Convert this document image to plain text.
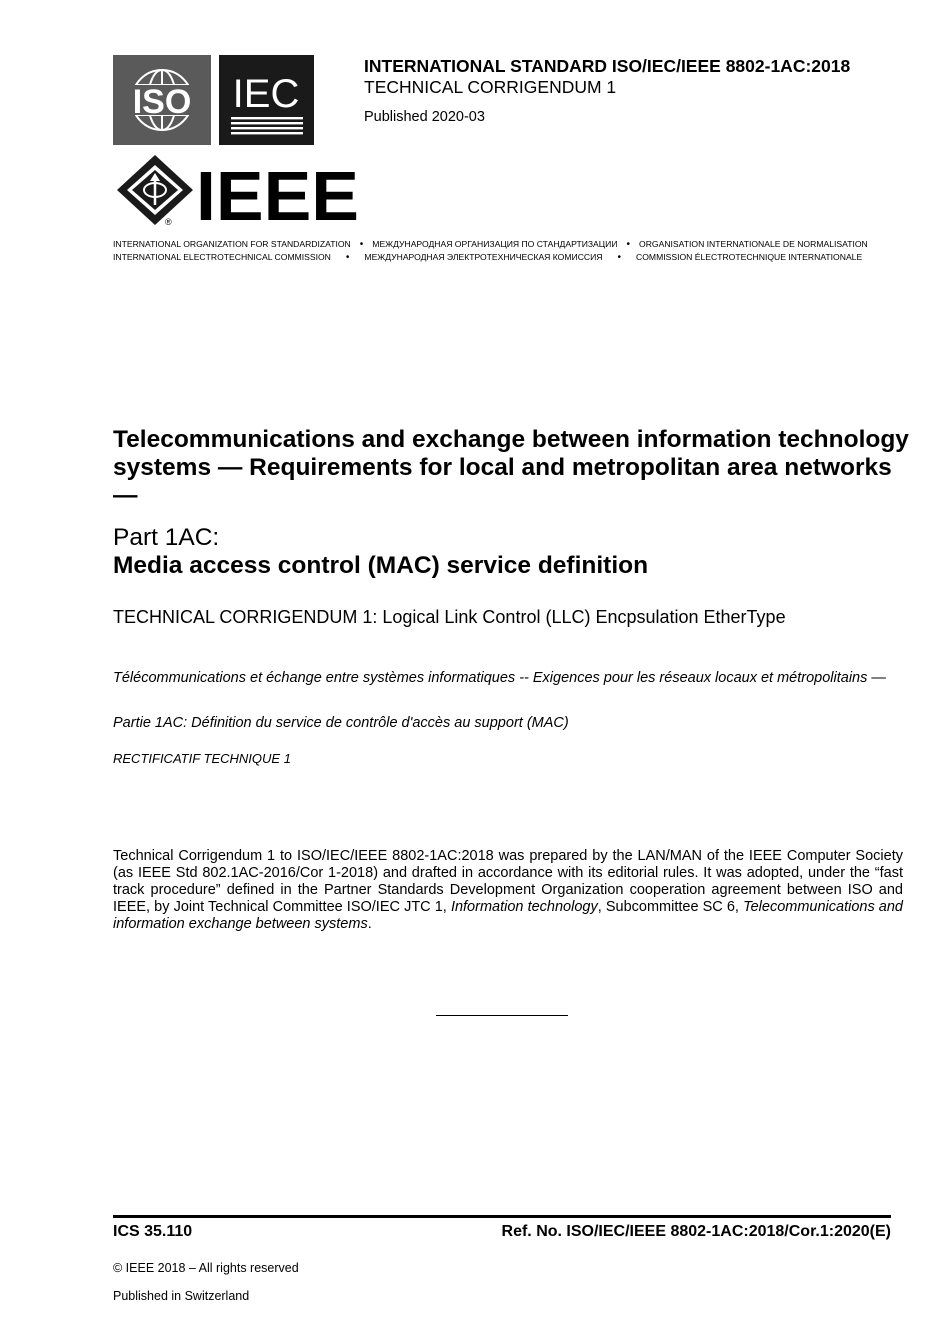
ISO IEC
® IEEE
INTERNATIONAL STANDARD ISO/IEC/IEEE 8802-1AC:2018
TECHNICAL CORRIGENDUM 1
Published 2020-03
INTERNATIONAL ORGANIZATION FOR STANDARDIZATION • МЕЖДУНАРОДНАЯ ОРГАНИЗАЦИЯ ПО СТАНДАРТИЗАЦИИ • ORGANISATION INTERNATIONALE DE NORMALISATION
INTERNATIONAL ELECTROTECHNICAL COMMISSION • МЕЖДУНАРОДНАЯ ЭЛЕКТРОТЕХНИЧЕСКАЯ КОМИССИЯ • COMMISSION ÉLECTROTECHNIQUE INTERNATIONALE
Telecommunications and exchange between information technology systems — Requirements for local and metropolitan area networks —
Part 1AC:
Media access control (MAC) service definition
TECHNICAL CORRIGENDUM 1: Logical Link Control (LLC) Encpsulation EtherType
Télécommunications et échange entre systèmes informatiques -- Exigences pour les réseaux locaux et métropolitains —
Partie 1AC: Définition du service de contrôle d'accès au support (MAC)
RECTIFICATIF TECHNIQUE 1
Technical Corrigendum 1 to ISO/IEC/IEEE 8802-1AC:2018 was prepared by the LAN/MAN of the IEEE Computer Society (as IEEE Std 802.1AC-2016/Cor 1-2018) and drafted in accordance with its editorial rules. It was adopted, under the “fast track procedure” defined in the Partner Standards Development Organization cooperation agreement between ISO and IEEE, by Joint Technical Committee ISO/IEC JTC 1, Information technology, Subcommittee SC 6, Telecommunications and information exchange between systems.
ICS 35.110	Ref. No. ISO/IEC/IEEE 8802-1AC:2018/Cor.1:2020(E)
© IEEE 2018 – All rights reserved
Published in Switzerland
